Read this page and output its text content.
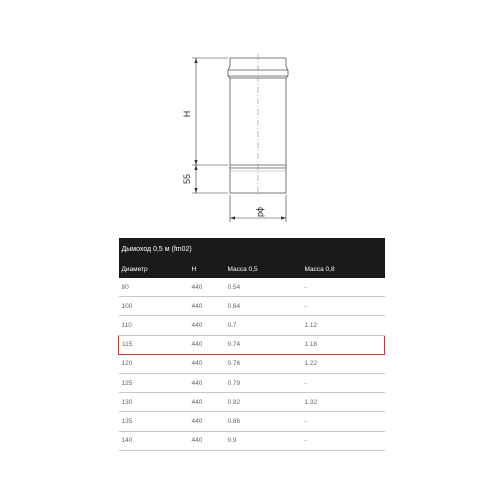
H
55
ϕd
Дымоход 0,5 м (fm02)			
Диаметр	H	Масса 0,5	Масса 0,8
80	440	0.54	-
100	440	0.64	-
110	440	0.7	1.12
115	440	0.74	1.18
120	440	0.76	1.22
125	440	0.79	-
130	440	0.82	1.32
135	440	0.86	-
140	440	0.9	-
